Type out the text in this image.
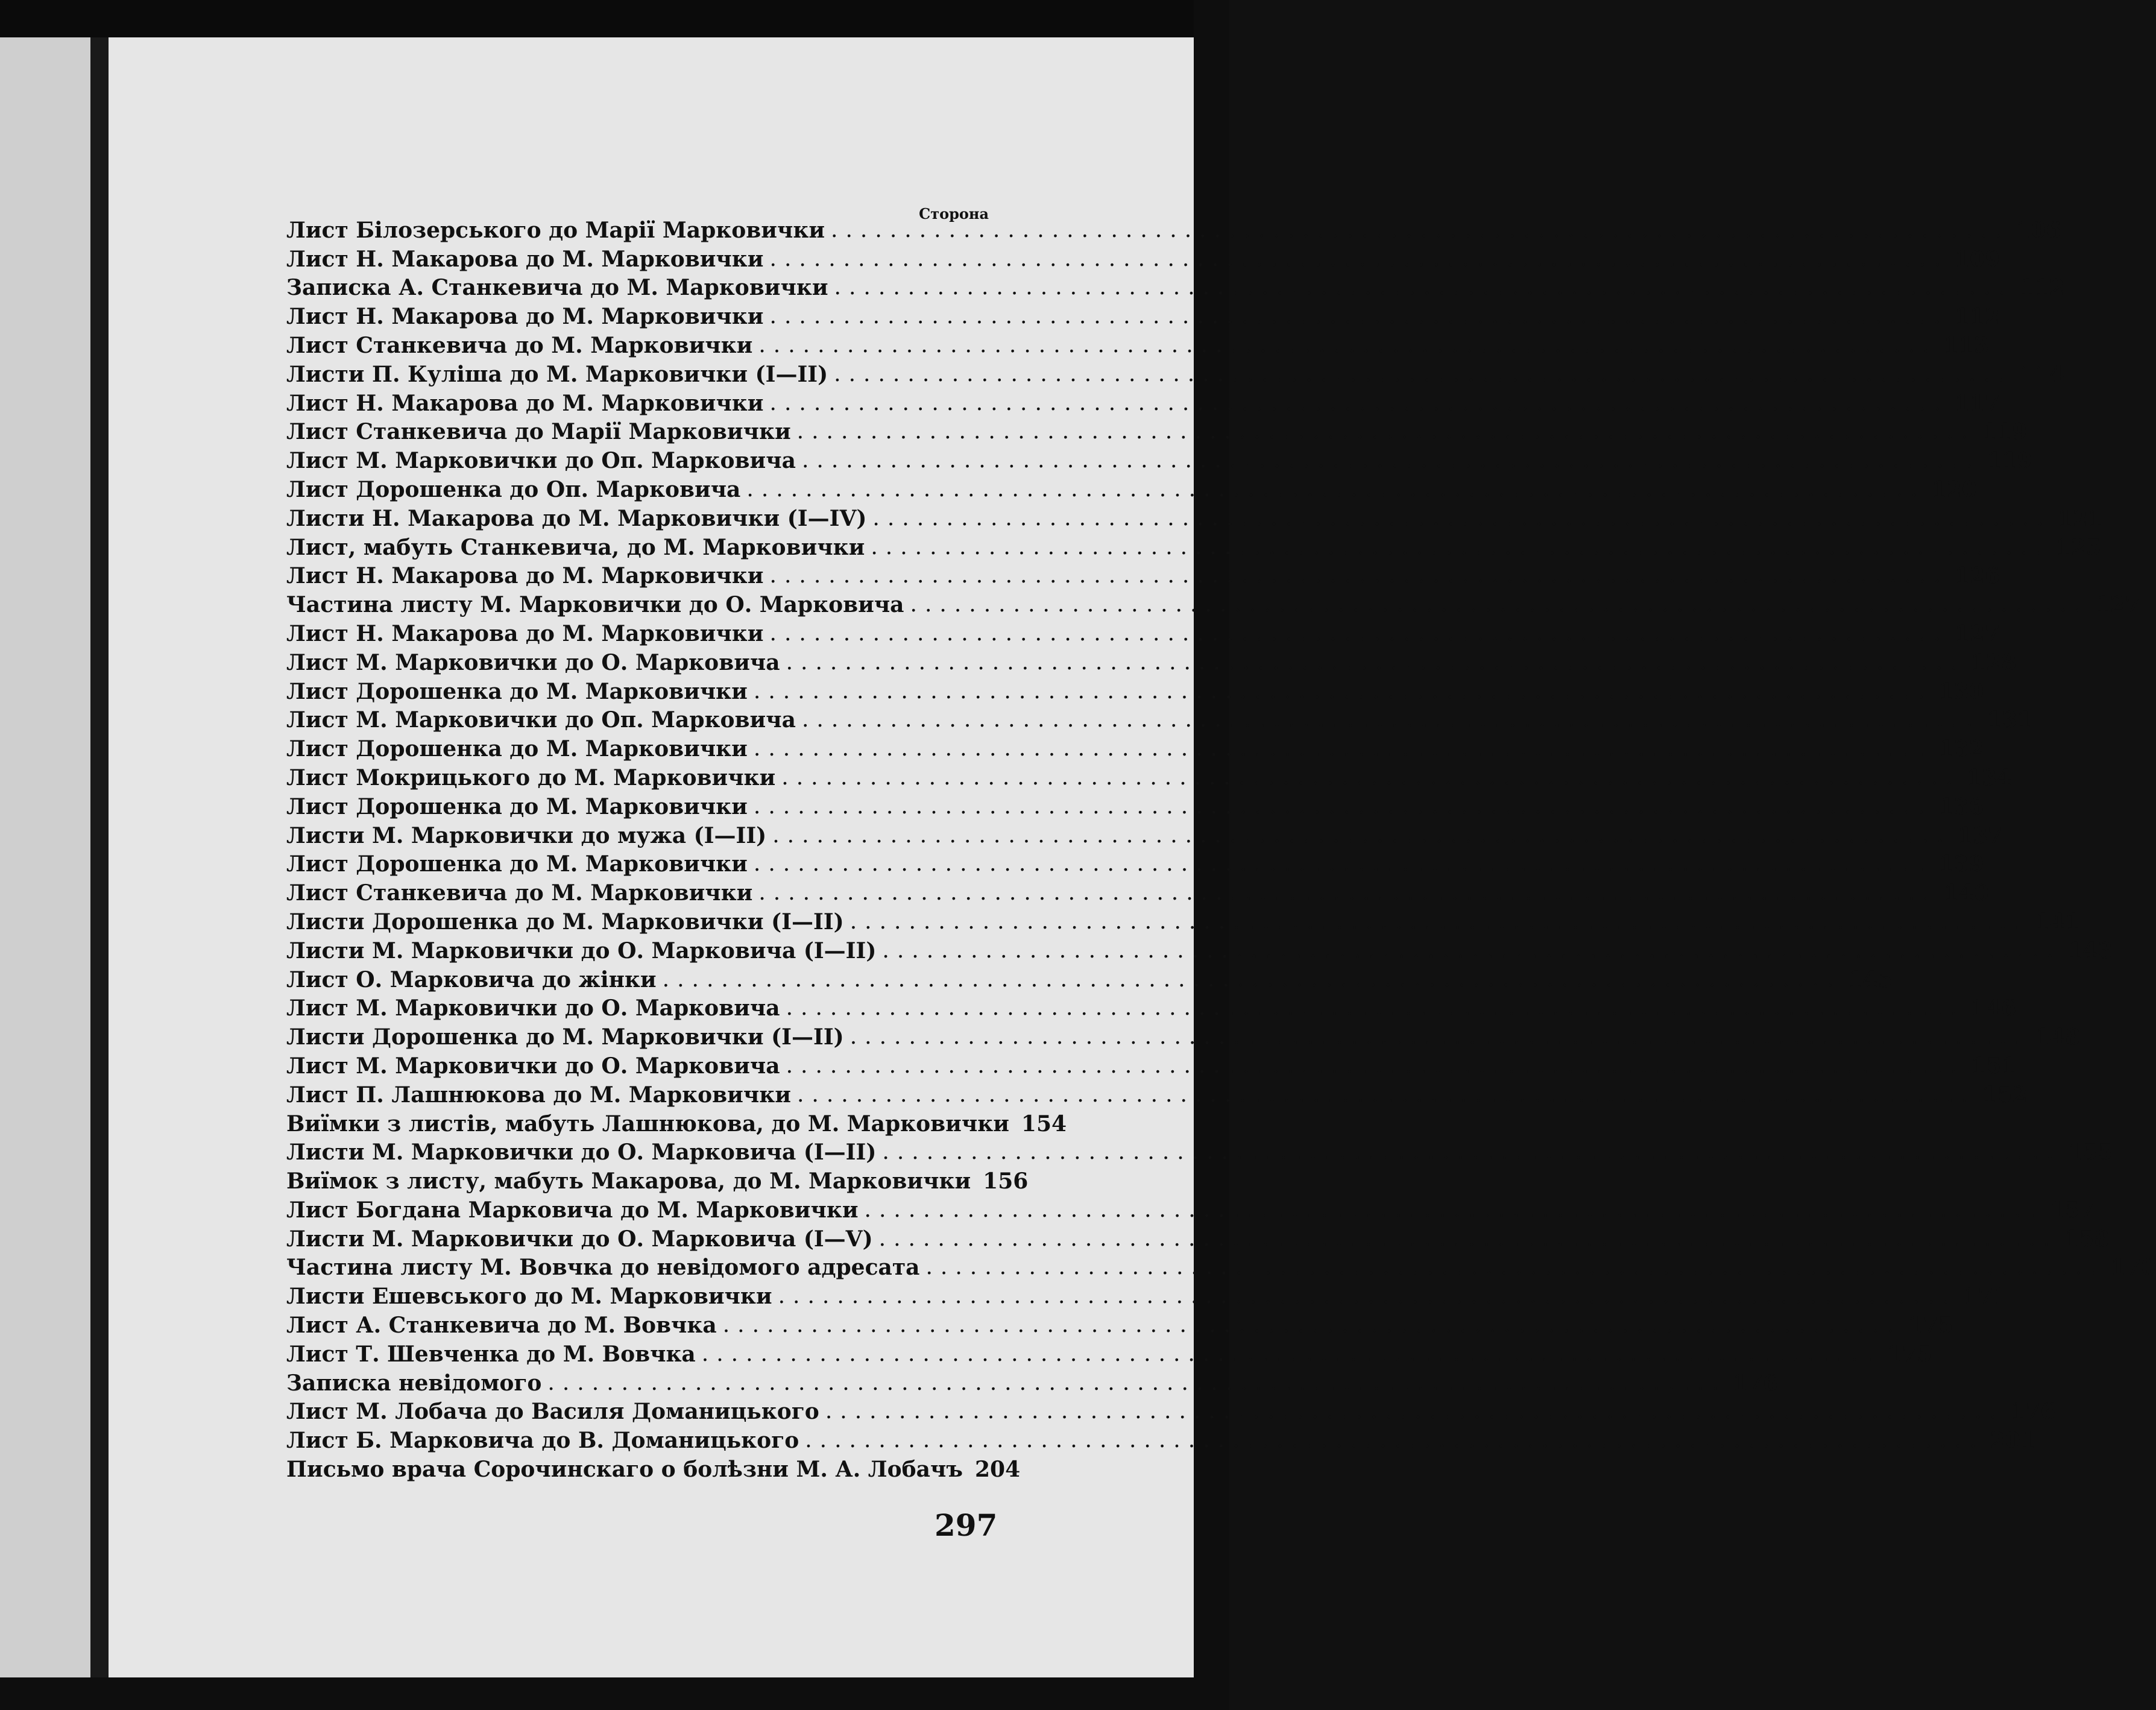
Сторона
Лист Білозерського до Марії Марковички ................................................................................ 106
Лист Н. Макарова до М. Марковички ................................................................................ 109
Записка А. Станкевича до М. Марковички ................................................................................ 112
Лист Н. Макарова до М. Марковички ................................................................................ 112
Лист Станкевича до М. Марковички ................................................................................ 113
Листи П. Куліша до М. Марковички (I—II) ................................................................................ 114
Лист Н. Макарова до М. Марковички ................................................................................ 117
Лист Станкевича до Марії Марковички ................................................................................ 119
Лист М. Марковички до Оп. Марковича ................................................................................ 119
Лист Дорошенка до Оп. Марковича ................................................................................ 120
Листи Н. Макарова до М. Марковички (I—IV) ................................................................................ 121
Лист, мабуть Станкевича, до М. Марковички ................................................................................ 125
Лист Н. Макарова до М. Марковички ................................................................................ 126
Частина листу М. Марковички до О. Марковича ................................................................................ 127
Лист Н. Макарова до М. Марковички ................................................................................ 127
Лист М. Марковички до О. Марковича ................................................................................ 128
Лист Дорошенка до М. Марковички ................................................................................ 130
Лист М. Марковички до Оп. Марковича ................................................................................ 131
Лист Дорошенка до М. Марковички ................................................................................ 132
Лист Мокрицького до М. Марковички ................................................................................ 134
Лист Дорошенка до М. Марковички ................................................................................ 136
Листи М. Марковички до мужа (I—II) ................................................................................ 137
Лист Дорошенка до М. Марковички ................................................................................ 139
Лист Станкевича до М. Марковички ................................................................................ 140
Листи Дорошенка до М. Марковички (I—II) ................................................................................ 141
Листи М. Марковички до О. Марковича (I—II) ................................................................................ 143
Лист О. Марковича до жінки ................................................................................ 145
Лист М. Марковички до О. Марковича ................................................................................ 146
Листи Дорошенка до М. Марковички (I—II) ................................................................................ 148
Лист М. Марковички до О. Марковича ................................................................................ 151
Лист П. Лашнюкова до М. Марковички ................................................................................ 152
Виїмки з листів, мабуть Лашнюкова, до М. Марковички 154
Листи М. Марковички до О. Марковича (I—II) ................................................................................ 155
Виїмок з листу, мабуть Макарова, до М. Марковички 156
Лист Богдана Марковича до М. Марковички ................................................................................ 157
Листи М. Марковички до О. Марковича (I—V) ................................................................................ 158
Частина листу М. Вовчка до невідомого адресата ................................................................................ 170
Листи Ешевського до М. Марковички ................................................................................ 171
Лист А. Станкевича до М. Вовчка ................................................................................ 175
Лист Т. Шевченка до М. Вовчка ................................................................................ 175
Записка невідомого ................................................................................ 176
Лист М. Лобача до Василя Доманицького ................................................................................ 176
Лист Б. Марковича до В. Доманицького ................................................................................ 201
Письмо врача Сорочинскаго о болѣзни М. А. Лобачъ 204
297
